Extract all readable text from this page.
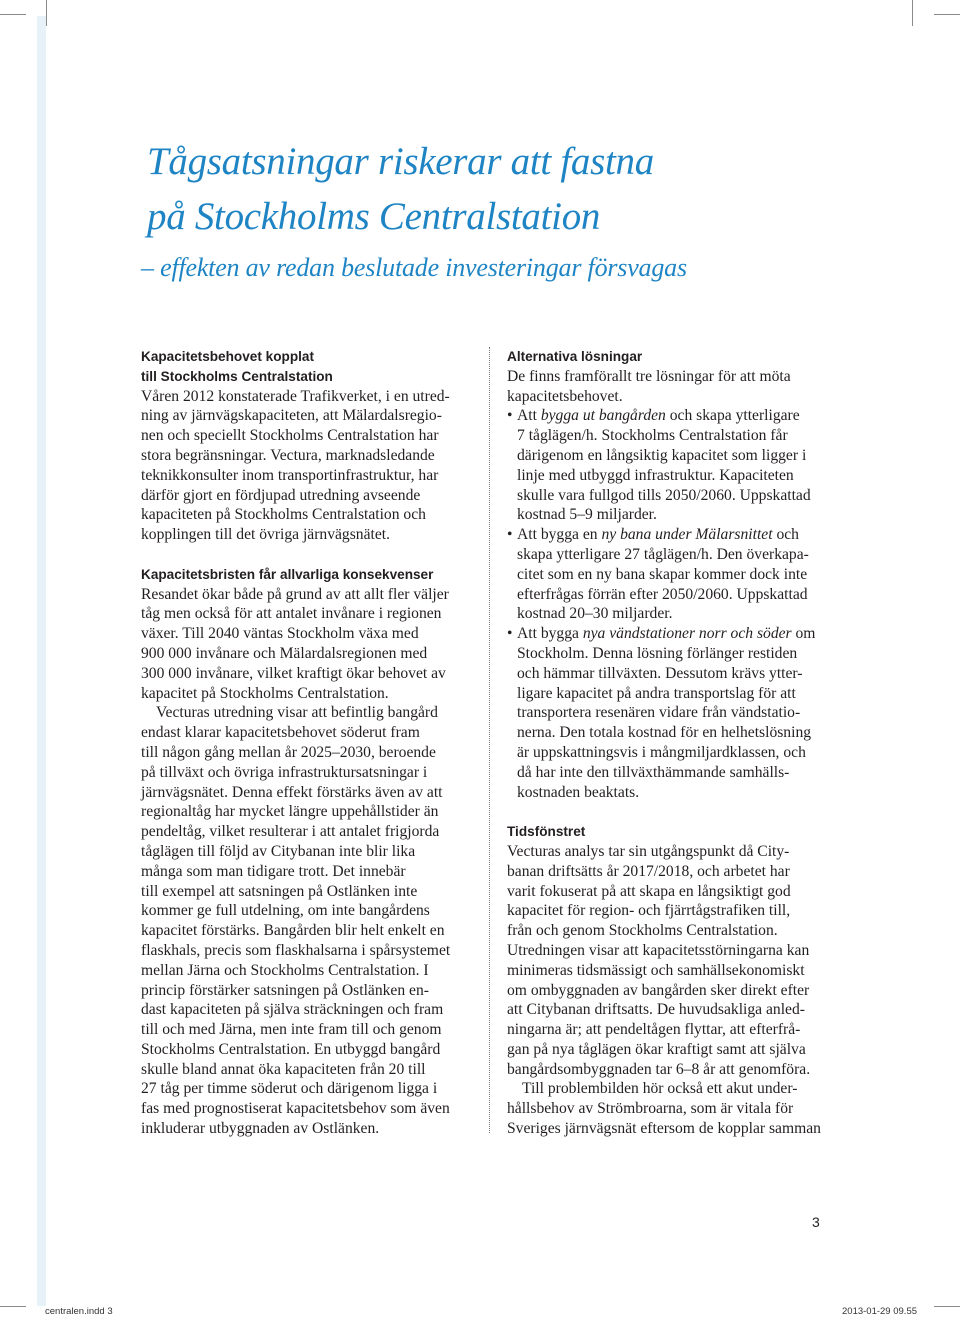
Tågsatsningar riskerar att fastna
på Stockholms Centralstation
– effekten av redan beslutade investeringar försvagas
Kapacitetsbehovet kopplat
till Stockholms Centralstation
Våren 2012 konstaterade Trafikverket, i en utred-
ning av järnvägskapaciteten, att Mälardalsregio-
nen och speciellt Stockholms Centralstation har
stora begränsningar. Vectura, marknadsledande
teknikkonsulter inom transportinfrastruktur, har
därför gjort en fördjupad utredning avseende
kapaciteten på Stockholms Centralstation och
kopplingen till det övriga järnvägsnätet.
Kapacitetsbristen får allvarliga konsekvenser
Resandet ökar både på grund av att allt fler väljer
tåg men också för att antalet invånare i regionen
växer. Till 2040 väntas Stockholm växa med
900 000 invånare och Mälardalsregionen med
300 000 invånare, vilket kraftigt ökar behovet av
kapacitet på Stockholms Centralstation.
Vecturas utredning visar att befintlig bangård
endast klarar kapacitetsbehovet söderut fram
till någon gång mellan år 2025–2030, beroende
på tillväxt och övriga infrastruktursatsningar i
järnvägsnätet. Denna effekt förstärks även av att
regionaltåg har mycket längre uppehållstider än
pendeltåg, vilket resulterar i att antalet frigjorda
tåglägen till följd av Citybanan inte blir lika
många som man tidigare trott. Det innebär
till exempel att satsningen på Ostlänken inte
kommer ge full utdelning, om inte bangårdens
kapacitet förstärks. Bangården blir helt enkelt en
flaskhals, precis som flaskhalsarna i spårsystemet
mellan Järna och Stockholms Centralstation. I
princip förstärker satsningen på Ostlänken en-
dast kapaciteten på själva sträckningen och fram
till och med Järna, men inte fram till och genom
Stockholms Centralstation. En utbyggd bangård
skulle bland annat öka kapaciteten från 20 till
27 tåg per timme söderut och därigenom ligga i
fas med prognostiserat kapacitetsbehov som även
inkluderar utbyggnaden av Ostlänken.
Alternativa lösningar
De finns framförallt tre lösningar för att möta
kapacitetsbehovet.
• Att bygga ut bangården och skapa ytterligare
7 tåglägen/h. Stockholms Centralstation får
därigenom en långsiktig kapacitet som ligger i
linje med utbyggd infrastruktur. Kapaciteten
skulle vara fullgod tills 2050/2060. Uppskattad
kostnad 5–9 miljarder.
• Att bygga en ny bana under Mälarsnittet och
skapa ytterligare 27 tåglägen/h. Den överkapa-
citet som en ny bana skapar kommer dock inte
efterfrågas förrän efter 2050/2060. Uppskattad
kostnad 20–30 miljarder.
• Att bygga nya vändstationer norr och söder om
Stockholm. Denna lösning förlänger restiden
och hämmar tillväxten. Dessutom krävs ytter-
ligare kapacitet på andra transportslag för att
transportera resenären vidare från vändstatio-
nerna. Den totala kostnad för en helhetslösning
är uppskattningsvis i mångmiljardklassen, och
då har inte den tillväxthämmande samhälls-
kostnaden beaktats.
Tidsfönstret
Vecturas analys tar sin utgångspunkt då City-
banan driftsätts år 2017/2018, och arbetet har
varit fokuserat på att skapa en långsiktigt god
kapacitet för region- och fjärrtågstrafiken till,
från och genom Stockholms Centralstation.
Utredningen visar att kapacitetsstörningarna kan
minimeras tidsmässigt och samhällsekonomiskt
om ombyggnaden av bangården sker direkt efter
att Citybanan driftsatts. De huvudsakliga anled-
ningarna är; att pendeltågen flyttar, att efterfrå-
gan på nya tåglägen ökar kraftigt samt att själva
bangårdsombyggnaden tar 6–8 år att genomföra.
Till problembilden hör också ett akut under-
hållsbehov av Strömbroarna, som är vitala för
Sveriges järnvägsnät eftersom de kopplar samman
3
centralen.indd 3	2013-01-29 09.55
